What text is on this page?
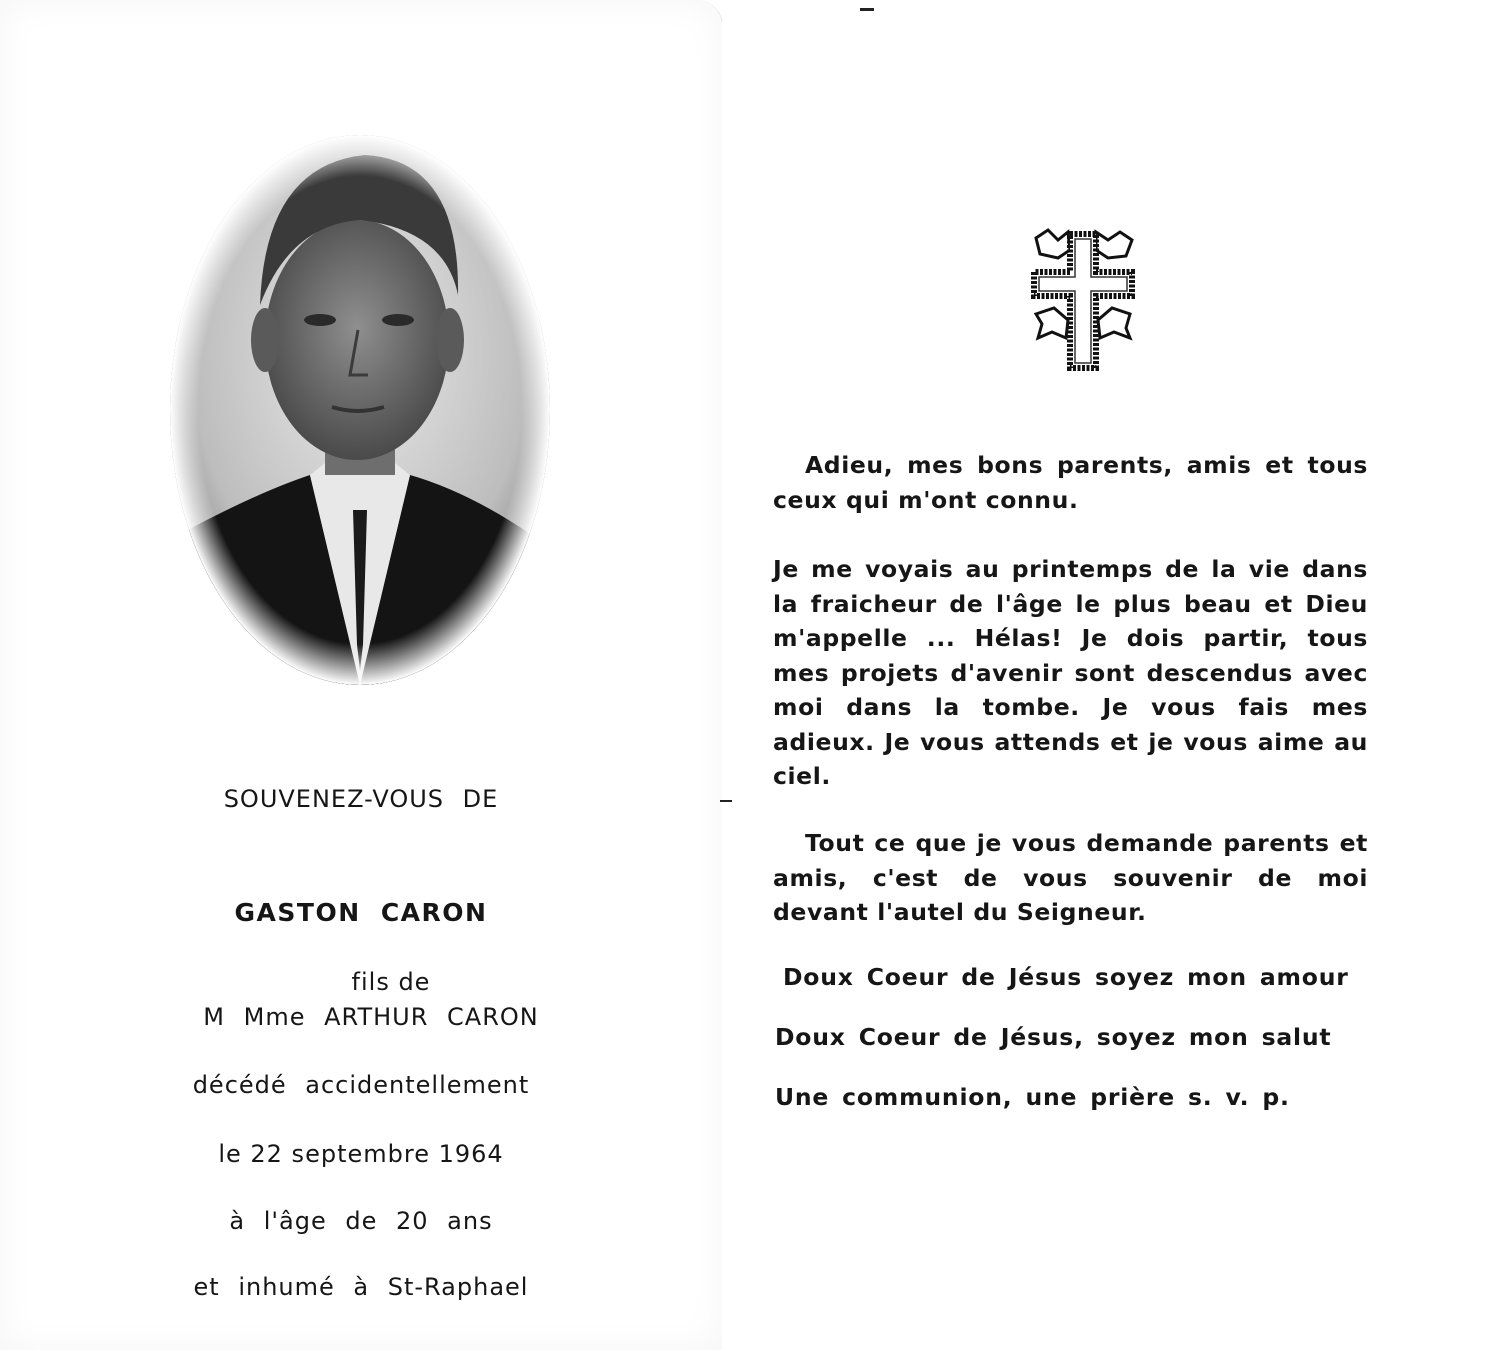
SOUVENEZ-VOUS DE
GASTON CARON
fils de
M Mme ARTHUR CARON
décédé accidentellement
le 22 septembre 1964
à l'âge de 20 ans
et inhumé à St-Raphael
Adieu, mes bons parents, amis et tous ceux qui m'ont connu.
Je me voyais au printemps de la vie dans la fraicheur de l'âge le plus beau et Dieu m'appelle ... Hélas! Je dois partir, tous mes projets d'avenir sont descendus avec moi dans la tombe. Je vous fais mes adieux. Je vous attends et je vous aime au ciel.
Tout ce que je vous demande parents et amis, c'est de vous souvenir de moi devant l'autel du Seigneur.
Doux Coeur de Jésus soyez mon amour
Doux Coeur de Jésus, soyez mon salut
Une communion, une prière s. v. p.
